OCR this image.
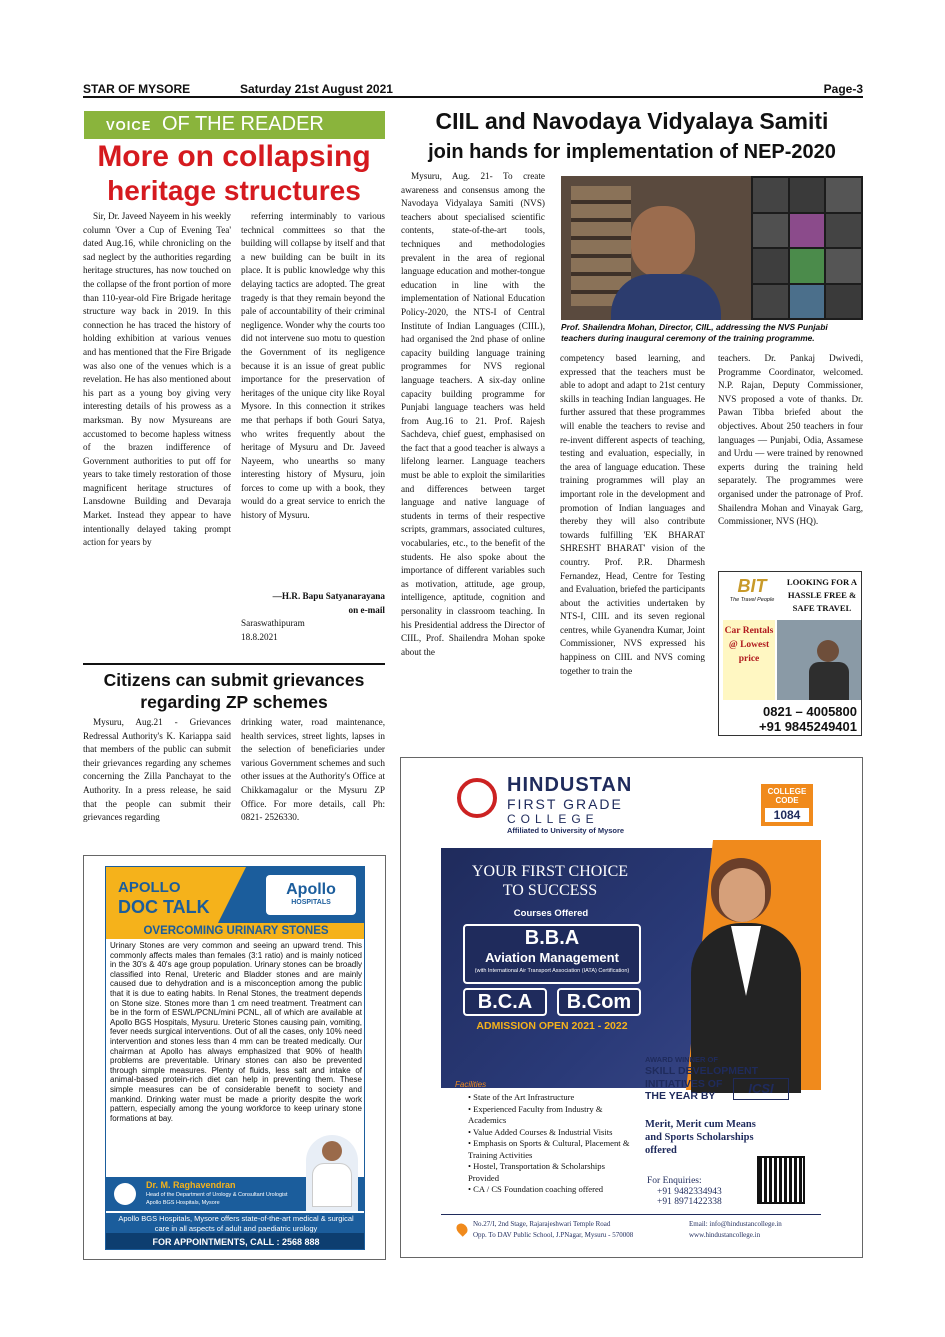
STAR OF MYSORE	Saturday 21st August 2021	Page-3
VOICE OF THE READER
More on collapsing
heritage structures

Sir, Dr. Javeed Nayeem in his weekly column 'Over a Cup of Evening Tea' dated Aug.16, while chronicling on the sad neglect by the authorities regarding heritage structures, has now touched on the collapse of the front portion of more than 110-year-old Fire Brigade heritage structure way back in 2019. In this connection he has traced the history of holding exhibition at various venues and has mentioned that the Fire Brigade was also one of the venues which is a revelation. He has also mentioned about his part as a young boy giving very interesting details of his prowess as a marksman. By now Mysureans are accustomed to become hapless witness of the brazen indifference of Government authorities to put off for years to take timely restoration of those magnificent heritage structures of Lansdowne Building and Devaraja Market. Instead they appear to have intentionally delayed taking prompt action for years by

referring interminably to various technical committees so that the building will collapse by itself and that a new building can be built in its place. It is public knowledge why this delaying tactics are adopted. The great tragedy is that they remain beyond the pale of accountability of their criminal negligence. Wonder why the courts too did not intervene suo motu to question the Government of its negligence because it is an issue of great public importance for the preservation of heritages of the unique city like Royal Mysore. In this connection it strikes me that perhaps if both Gouri Satya, who writes frequently about the heritage of Mysuru and Dr. Javeed Nayeem, who unearths so many interesting history of Mysuru, join forces to come up with a book, they would do a great service to enrich the history of Mysuru.

—H.R. Bapu Satyanarayana
on e-mail
Saraswathipuram
18.8.2021
Citizens can submit grievances
regarding ZP schemes

Mysuru, Aug.21 - Grievances Redressal Authority's K. Kariappa said that members of the public can submit their grievances regarding any schemes concerning the Zilla Panchayat to the Authority. In a press release, he said that the people can submit their grievances regarding

drinking water, road maintenance, health services, street lights, lapses in the selection of beneficiaries under various Government schemes and such other issues at the Authority's Office at Chikkamagalur or the Mysuru ZP Office. For more details, call Ph: 0821- 2526330.

APOLLO
DOC TALK
Apollo
HOSPITALS
OVERCOMING URINARY STONES
Urinary Stones are very common and seeing an upward trend. This commonly affects males than females (3:1 ratio) and is mainly noticed in the 30's & 40's age group population. Urinary stones can be broadly classified into Renal, Ureteric and Bladder stones and are mainly caused due to dehydration and is a misconception among the public that it is due to eating habits. In Renal Stones, the treatment depends on Stone size. Stones more than 1 cm need treatment. Treatment can be in the form of ESWL/PCNL/mini PCNL, all of which are available at Apollo BGS Hospitals, Mysuru. Ureteric Stones causing pain, vomiting, fever needs surgical interventions. Out of all the cases, only 10% need intervention and stones less than 4 mm can be treated medically. Our chairman at Apollo has always emphasized that 90% of health problems are preventable. Urinary stones can also be prevented through simple measures. Plenty of fluids, less salt and intake of animal-based protein-rich diet can help in preventing them. These simple measures can be of considerable benefit to society and mankind. Drinking water must be made a priority despite the work pattern, especially among the young workforce to keep urinary stone formations at bay.
Dr. M. Raghavendran
Head of the Department of Urology & Consultant Urologist
Apollo BGS Hospitals, Mysore
Apollo BGS Hospitals, Mysore offers state-of-the-art medical & surgical care in all aspects of adult and paediatric urology
FOR APPOINTMENTS, CALL : 2568 888
CIIL and Navodaya Vidyalaya Samiti
join hands for implementation of NEP-2020

Mysuru, Aug. 21- To create awareness and consensus among the Navodaya Vidyalaya Samiti (NVS) teachers about specialised scientific contents, state-of-the-art tools, techniques and methodologies prevalent in the area of regional language education and mother-tongue education in line with the implementation of National Education Policy-2020, the NTS-I of Central Institute of Indian Languages (CIIL), had organised the 2nd phase of online capacity building language training programmes for NVS regional language teachers. A six-day online capacity building programme for Punjabi language teachers was held from Aug.16 to 21. Prof. Rajesh Sachdeva, chief guest, emphasised on the fact that a good teacher is always a lifelong learner. Language teachers must be able to exploit the similarities and differences between target language and native language of students in terms of their respective scripts, grammars, associated cultures, vocabularies, etc., to the benefit of the students. He also spoke about the importance of different variables such as motivation, attitude, age group, intelligence, aptitude, cognition and personality in classroom teaching. In his Presidential address the Director of CIIL, Prof. Shailendra Mohan spoke about the

Prof. Shailendra Mohan, Director, CIIL, addressing the NVS Punjabi teachers during inaugural ceremony of the training programme.

competency based learning, and expressed that the teachers must be able to adopt and adapt to 21st century skills in teaching Indian languages. He further assured that these programmes will enable the teachers to revise and re-invent different aspects of teaching, testing and evaluation, especially, in the area of language education. These training programmes will play an important role in the development and promotion of Indian languages and thereby they will also contribute towards fulfilling 'EK BHARAT SHRESHT BHARAT' vision of the country. Prof. P.R. Dharmesh Fernandez, Head, Centre for Testing and Evaluation, briefed the participants about the activities undertaken by NTS-I, CIIL and its seven regional centres, while Gyanendra Kumar, Joint Commissioner, NVS expressed his happiness on CIIL and NVS coming together to train the

teachers. Dr. Pankaj Dwivedi, Programme Coordinator, welcomed. N.P. Rajan, Deputy Commissioner, NVS proposed a vote of thanks. Dr. Pawan Tibba briefed about the objectives. About 250 teachers in four languages — Punjabi, Odia, Assamese and Urdu — were trained by renowned experts during the training held separately. The programmes were organised under the patronage of Prof. Shailendra Mohan and Vinayak Garg, Commissioner, NVS (HQ).

BIT
The Travel People
LOOKING FOR A
HASSLE FREE &
SAFE TRAVEL
Car Rentals @ Lowest price
0821 – 4005800
+91 9845249401
HINDUSTAN
FIRST GRADE
COLLEGE
Affiliated to University of Mysore
COLLEGE CODE
1084
YOUR FIRST CHOICE
TO SUCCESS
Courses Offered
B.B.A
Aviation Management
(with International Air Transport Association (IATA) Certification)
B.C.A	B.Com
ADMISSION OPEN 2021 - 2022
AWARD WINNER OF
SKILL DEVELOPMENT
INITIATIVES OF
THE YEAR BY	ICSI
Facilities
Merit, Merit cum Means
and Sports Scholarships
offered
For Enquiries:
+91 9482334943
+91 8971422338
No.27/I, 2nd Stage, Rajarajeshwari Temple Road
Opp. To DAV Public School, J.PNagar, Mysuru - 570008
Email: info@hindustancollege.in
www.hindustancollege.in
• State of the Art Infrastructure
• Experienced Faculty from Industry & Academics
• Value Added Courses & Industrial Visits
• Emphasis on Sports & Cultural, Placement & Training Activities
• Hostel, Transportation & Scholarships Provided
• CA / CS Foundation coaching offered
